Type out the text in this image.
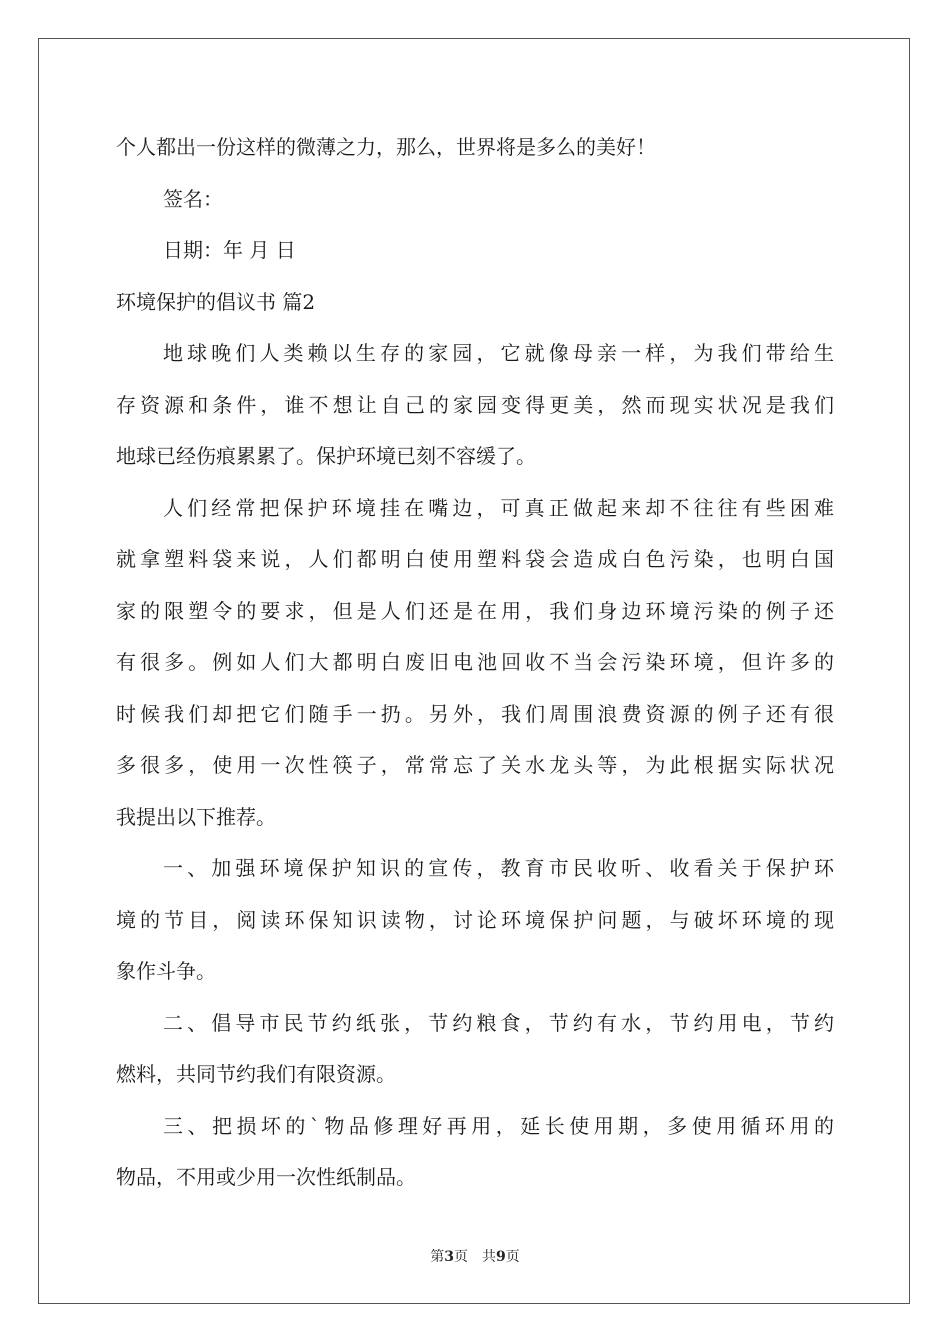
个人都出一份这样的微薄之力，那么，世界将是多么的美好！
签名：
日期：年 月 日
环境保护的倡议书 篇2
地球晚们人类赖以生存的家园，它就像母亲一样，为我们带给生
存资源和条件，谁不想让自己的家园变得更美，然而现实状况是我们
地球已经伤痕累累了。保护环境已刻不容缓了。
人们经常把保护环境挂在嘴边，可真正做起来却不往往有些困难
就拿塑料袋来说，人们都明白使用塑料袋会造成白色污染，也明白国
家的限塑令的要求，但是人们还是在用，我们身边环境污染的例子还
有很多。例如人们大都明白废旧电池回收不当会污染环境，但许多的
时候我们却把它们随手一扔。另外，我们周围浪费资源的例子还有很
多很多，使用一次性筷子，常常忘了关水龙头等，为此根据实际状况
我提出以下推荐。
一、加强环境保护知识的宣传，教育市民收听、收看关于保护环
境的节目，阅读环保知识读物，讨论环境保护问题，与破坏环境的现
象作斗争。
二、倡导市民节约纸张，节约粮食，节约有水，节约用电，节约
燃料，共同节约我们有限资源。
三、把损坏的`物品修理好再用，延长使用期，多使用循环用的
物品，不用或少用一次性纸制品。
第3页　共9页
